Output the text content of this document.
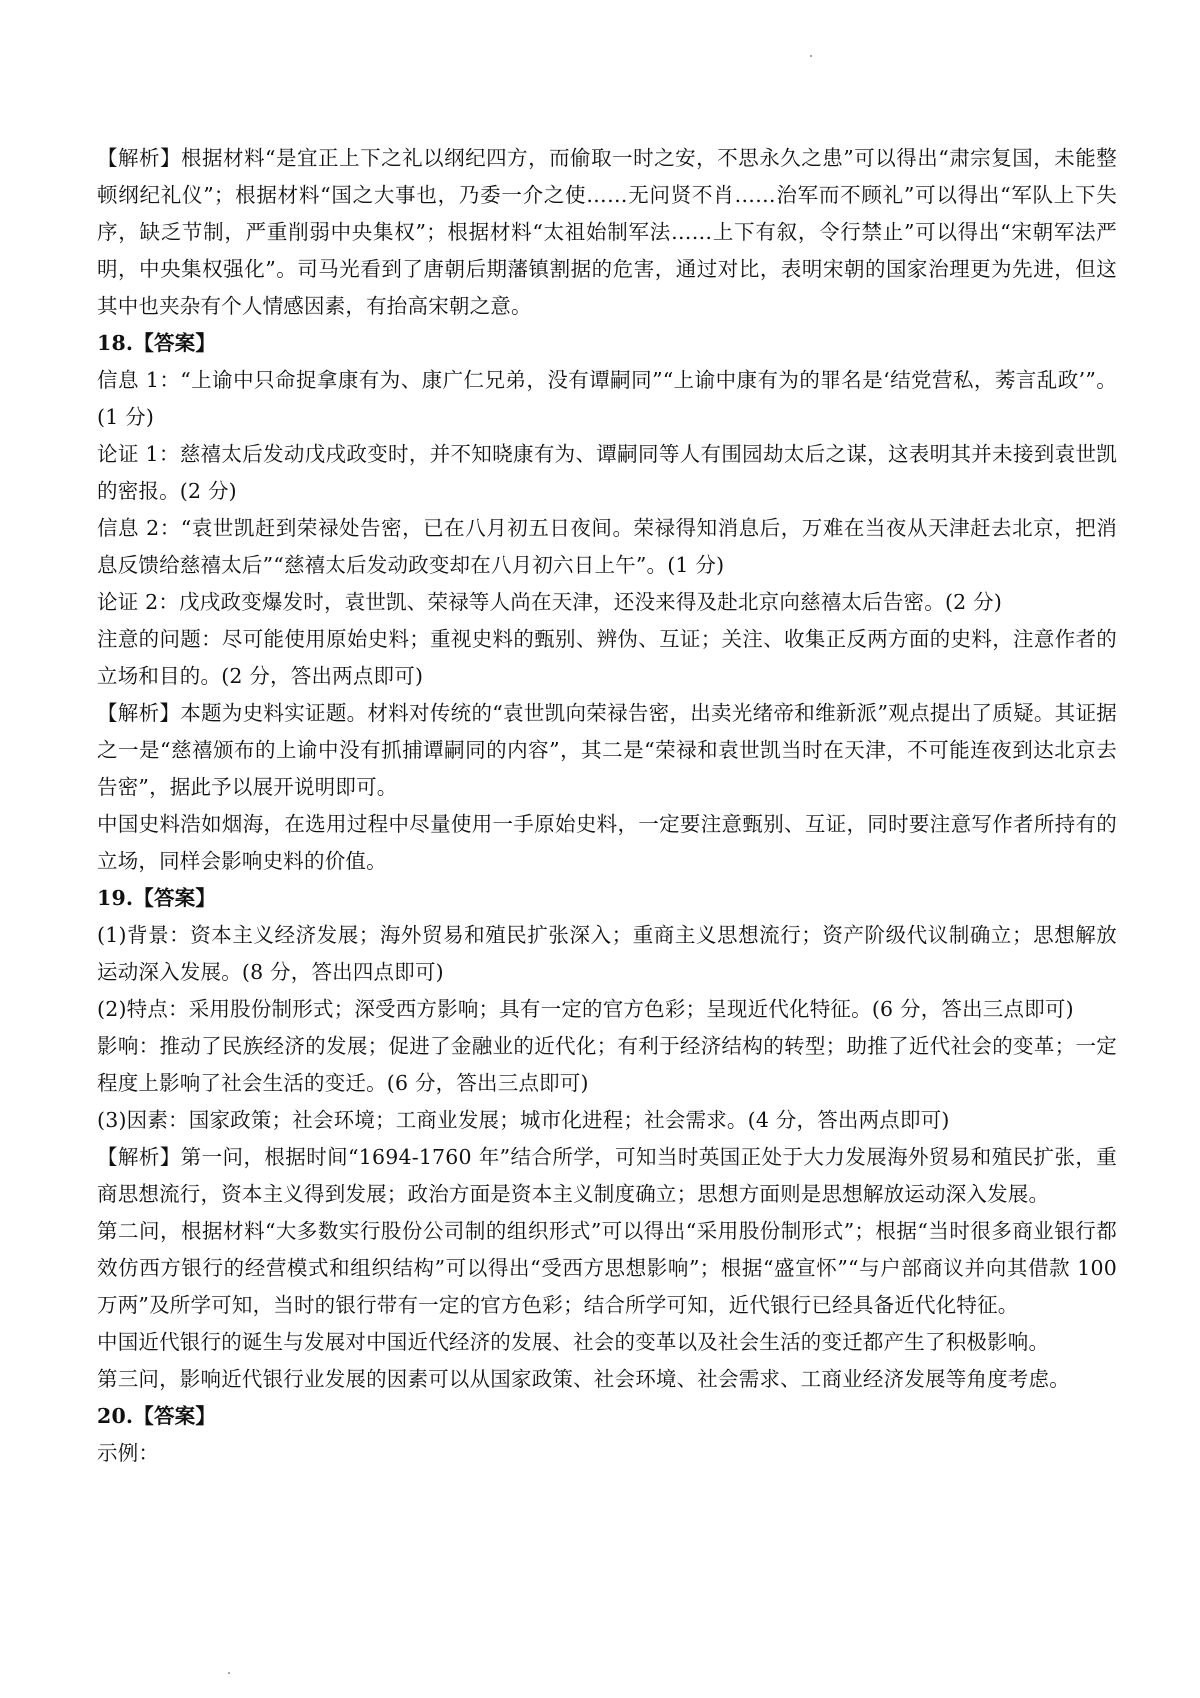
【解析】根据材料“是宜正上下之礼以纲纪四方，而偷取一时之安，不思永久之患”可以得出“肃宗复国，未能整顿纲纪礼仪”；根据材料“国之大事也，乃委一介之使……无问贤不肖……治军而不顾礼”可以得出“军队上下失序，缺乏节制，严重削弱中央集权”；根据材料“太祖始制军法……上下有叙，令行禁止”可以得出“宋朝军法严明，中央集权强化”。司马光看到了唐朝后期藩镇割据的危害，通过对比，表明宋朝的国家治理更为先进，但这其中也夹杂有个人情感因素，有抬高宋朝之意。

18.【答案】

信息 1：“上谕中只命捉拿康有为、康广仁兄弟，没有谭嗣同”“上谕中康有为的罪名是‘结党营私，莠言乱政’”。(1 分)

论证 1：慈禧太后发动戊戌政变时，并不知晓康有为、谭嗣同等人有围园劫太后之谋，这表明其并未接到袁世凯的密报。(2 分)

信息 2：“袁世凯赶到荣禄处告密，已在八月初五日夜间。荣禄得知消息后，万难在当夜从天津赶去北京，把消息反馈给慈禧太后”“慈禧太后发动政变却在八月初六日上午”。(1 分)

论证 2：戊戌政变爆发时，袁世凯、荣禄等人尚在天津，还没来得及赴北京向慈禧太后告密。(2 分)

注意的问题：尽可能使用原始史料；重视史料的甄别、辨伪、互证；关注、收集正反两方面的史料，注意作者的立场和目的。(2 分，答出两点即可)

【解析】本题为史料实证题。材料对传统的“袁世凯向荣禄告密，出卖光绪帝和维新派”观点提出了质疑。其证据之一是“慈禧颁布的上谕中没有抓捕谭嗣同的内容”，其二是“荣禄和袁世凯当时在天津，不可能连夜到达北京去告密”，据此予以展开说明即可。

中国史料浩如烟海，在选用过程中尽量使用一手原始史料，一定要注意甄别、互证，同时要注意写作者所持有的立场，同样会影响史料的价值。

19.【答案】

(1)背景：资本主义经济发展；海外贸易和殖民扩张深入；重商主义思想流行；资产阶级代议制确立；思想解放运动深入发展。(8 分，答出四点即可)

(2)特点：采用股份制形式；深受西方影响；具有一定的官方色彩；呈现近代化特征。(6 分，答出三点即可)

影响：推动了民族经济的发展；促进了金融业的近代化；有利于经济结构的转型；助推了近代社会的变革；一定程度上影响了社会生活的变迁。(6 分，答出三点即可)

(3)因素：国家政策；社会环境；工商业发展；城市化进程；社会需求。(4 分，答出两点即可)

【解析】第一问，根据时间“1694-1760 年”结合所学，可知当时英国正处于大力发展海外贸易和殖民扩张，重商思想流行，资本主义得到发展；政治方面是资本主义制度确立；思想方面则是思想解放运动深入发展。

第二问，根据材料“大多数实行股份公司制的组织形式”可以得出“采用股份制形式”；根据“当时很多商业银行都效仿西方银行的经营模式和组织结构”可以得出“受西方思想影响”；根据“盛宣怀”“与户部商议并向其借款 100 万两”及所学可知，当时的银行带有一定的官方色彩；结合所学可知，近代银行已经具备近代化特征。

中国近代银行的诞生与发展对中国近代经济的发展、社会的变革以及社会生活的变迁都产生了积极影响。

第三问，影响近代银行业发展的因素可以从国家政策、社会环境、社会需求、工商业经济发展等角度考虑。

20.【答案】

示例：
